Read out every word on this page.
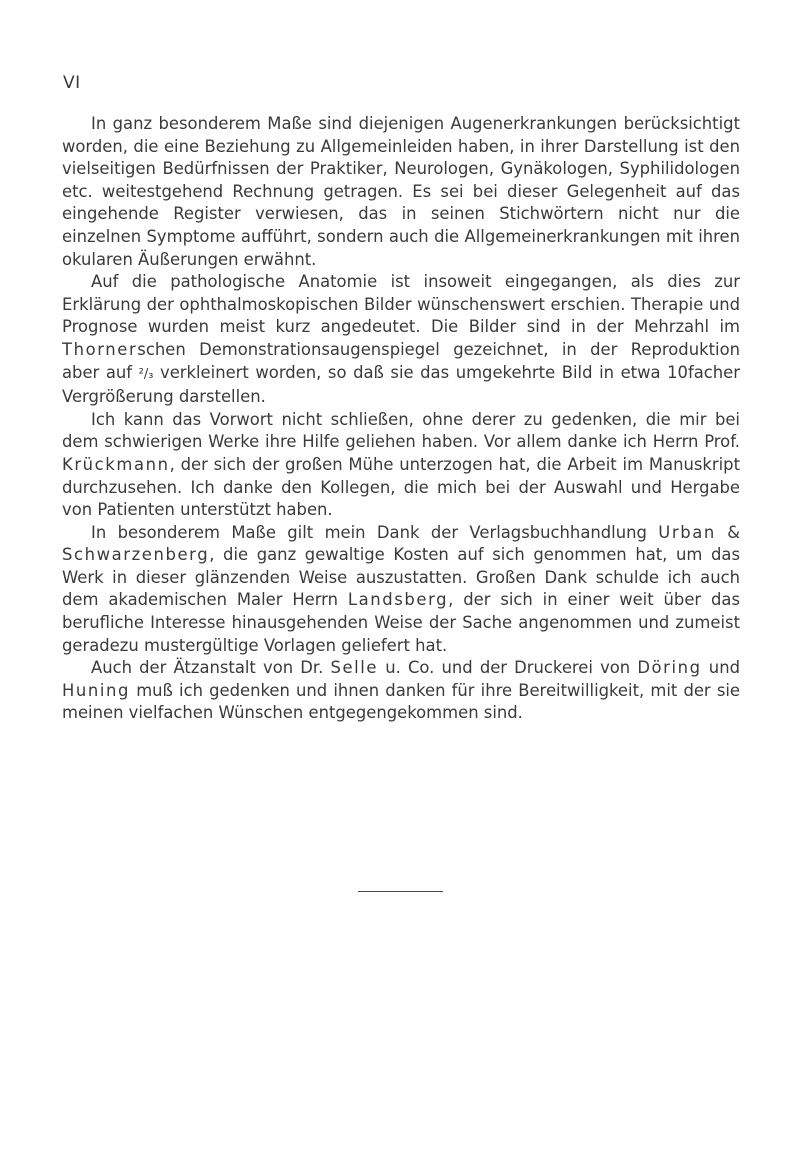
VI

In ganz besonderem Maße sind diejenigen Augenerkrankungen berücksichtigt worden, die eine Beziehung zu Allgemeinleiden haben, in ihrer Darstellung ist den vielseitigen Bedürfnissen der Praktiker, Neurologen, Gynäkologen, Syphilidologen etc. weitestgehend Rechnung getragen. Es sei bei dieser Gelegenheit auf das eingehende Register verwiesen, das in seinen Stichwörtern nicht nur die einzelnen Symptome aufführt, sondern auch die Allgemeinerkrankungen mit ihren okularen Äußerungen erwähnt.

Auf die pathologische Anatomie ist insoweit eingegangen, als dies zur Erklärung der ophthalmoskopischen Bilder wünschenswert erschien. Therapie und Prognose wurden meist kurz angedeutet. Die Bilder sind in der Mehrzahl im Thornerschen Demonstrationsaugenspiegel gezeichnet, in der Reproduktion aber auf ²/₃ verkleinert worden, so daß sie das umgekehrte Bild in etwa 10facher Vergrößerung darstellen.

Ich kann das Vorwort nicht schließen, ohne derer zu gedenken, die mir bei dem schwierigen Werke ihre Hilfe geliehen haben. Vor allem danke ich Herrn Prof. Krückmann, der sich der großen Mühe unterzogen hat, die Arbeit im Manuskript durchzusehen. Ich danke den Kollegen, die mich bei der Auswahl und Hergabe von Patienten unterstützt haben.

In besonderem Maße gilt mein Dank der Verlagsbuchhandlung Urban & Schwarzenberg, die ganz gewaltige Kosten auf sich genommen hat, um das Werk in dieser glänzenden Weise auszustatten. Großen Dank schulde ich auch dem akademischen Maler Herrn Landsberg, der sich in einer weit über das berufliche Interesse hinausgehenden Weise der Sache angenommen und zumeist geradezu mustergültige Vorlagen geliefert hat.

Auch der Ätzanstalt von Dr. Selle u. Co. und der Druckerei von Döring und Huning muß ich gedenken und ihnen danken für ihre Bereitwilligkeit, mit der sie meinen vielfachen Wünschen entgegengekommen sind.
